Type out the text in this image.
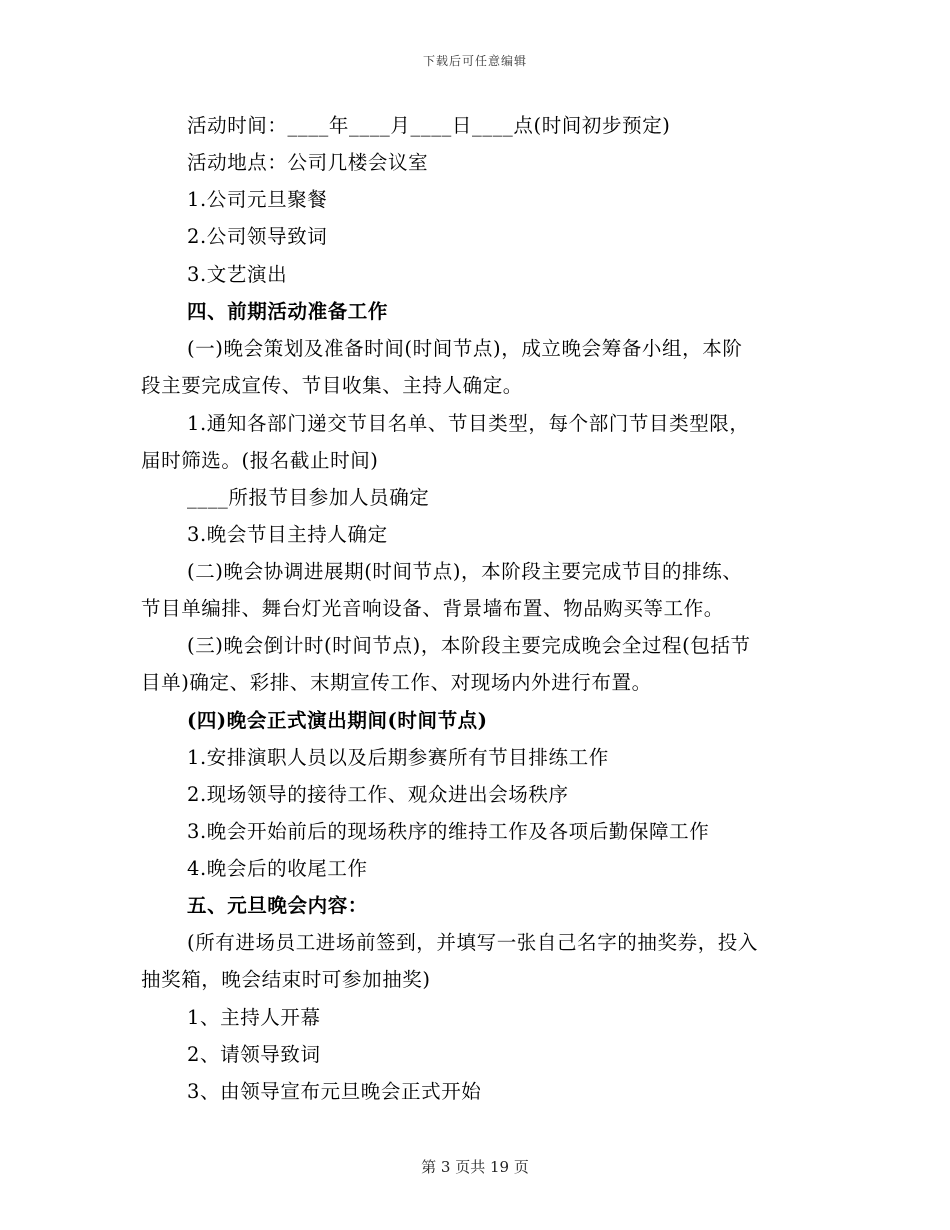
下载后可任意编辑
活动时间：____年____月____日____点(时间初步预定)
活动地点：公司几楼会议室
1.公司元旦聚餐
2.公司领导致词
3.文艺演出
四、前期活动准备工作
(一)晚会策划及准备时间(时间节点)，成立晚会筹备小组，本阶
段主要完成宣传、节目收集、主持人确定。
1.通知各部门递交节目名单、节目类型，每个部门节目类型限，
届时筛选。(报名截止时间)
____所报节目参加人员确定
3.晚会节目主持人确定
(二)晚会协调进展期(时间节点)，本阶段主要完成节目的排练、
节目单编排、舞台灯光音响设备、背景墙布置、物品购买等工作。
(三)晚会倒计时(时间节点)，本阶段主要完成晚会全过程(包括节
目单)确定、彩排、末期宣传工作、对现场内外进行布置。
(四)晚会正式演出期间(时间节点)
1.安排演职人员以及后期参赛所有节目排练工作
2.现场领导的接待工作、观众进出会场秩序
3.晚会开始前后的现场秩序的维持工作及各项后勤保障工作
4.晚会后的收尾工作
五、元旦晚会内容：
(所有进场员工进场前签到，并填写一张自己名字的抽奖券，投入
抽奖箱，晚会结束时可参加抽奖)
1、主持人开幕
2、请领导致词
3、由领导宣布元旦晚会正式开始
第 3 页共 19 页
